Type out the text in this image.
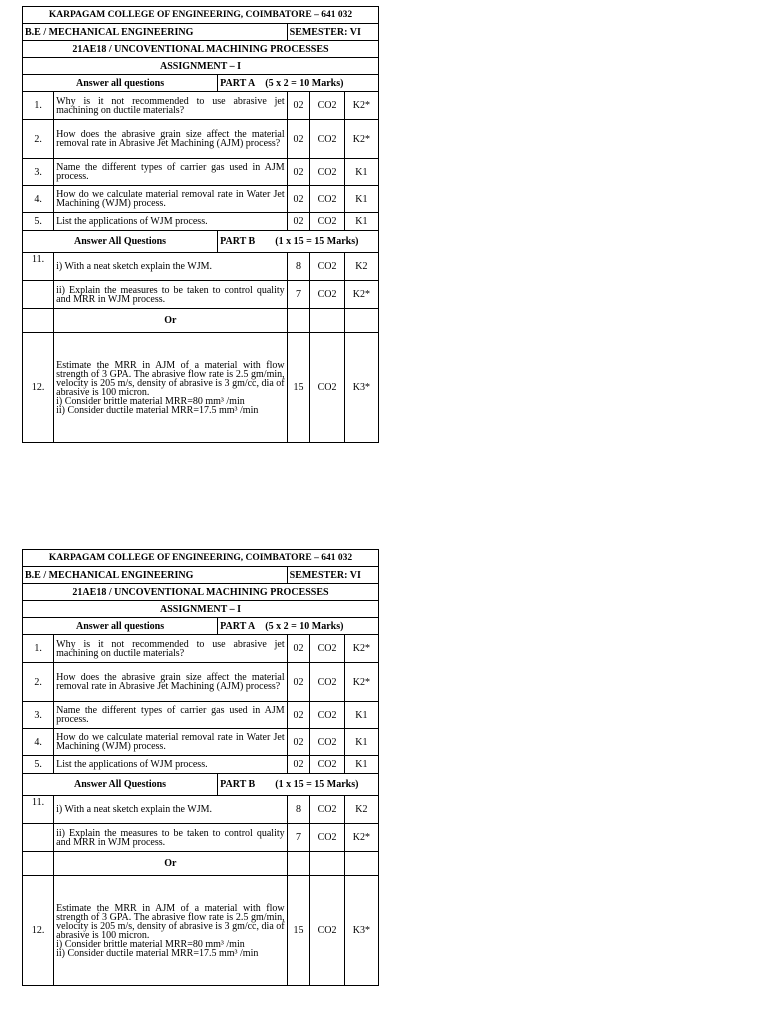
KARPAGAM COLLEGE OF ENGINEERING, COIMBATORE – 641 032					
B.E / MECHANICAL ENGINEERING			SEMESTER: VI		
21AE18 / UNCOVENTIONAL MACHINING PROCESSES					
ASSIGNMENT – I					
Answer all questions		PART A (5 x 2 = 10 Marks)			
1.	Why is it not recommended to use abrasive jet machining on ductile materials?		02	CO2	K2*
2.	How does the abrasive grain size affect the material removal rate in Abrasive Jet Machining (AJM) process?		02	CO2	K2*
3.	Name the different types of carrier gas used in AJM process.		02	CO2	K1
4.	How do we calculate material removal rate in Water Jet Machining (WJM) process.		02	CO2	K1
5.	List the applications of WJM process.		02	CO2	K1
Answer All Questions		PART B (1 x 15 = 15 Marks)			
11.	i) With a neat sketch explain the WJM.		8	CO2	K2
	ii) Explain the measures to be taken to control quality and MRR in WJM process.		7	CO2	K2*
	Or				
12.	Estimate the MRR in AJM of a material with flow strength of 3 GPA. The abrasive flow rate is 2.5 gm/min, velocity is 205 m/s, density of abrasive is 3 gm/cc, dia of abrasive is 100 micron.
i) Consider brittle material MRR=80 mm³ /min
ii) Consider ductile material MRR=17.5 mm³ /min		15	CO2	K3*
KARPAGAM COLLEGE OF ENGINEERING, COIMBATORE – 641 032					
B.E / MECHANICAL ENGINEERING			SEMESTER: VI		
21AE18 / UNCOVENTIONAL MACHINING PROCESSES					
ASSIGNMENT – I					
Answer all questions		PART A (5 x 2 = 10 Marks)			
1.	Why is it not recommended to use abrasive jet machining on ductile materials?		02	CO2	K2*
2.	How does the abrasive grain size affect the material removal rate in Abrasive Jet Machining (AJM) process?		02	CO2	K2*
3.	Name the different types of carrier gas used in AJM process.		02	CO2	K1
4.	How do we calculate material removal rate in Water Jet Machining (WJM) process.		02	CO2	K1
5.	List the applications of WJM process.		02	CO2	K1
Answer All Questions		PART B (1 x 15 = 15 Marks)			
11.	i) With a neat sketch explain the WJM.		8	CO2	K2
	ii) Explain the measures to be taken to control quality and MRR in WJM process.		7	CO2	K2*
	Or				
12.	Estimate the MRR in AJM of a material with flow strength of 3 GPA. The abrasive flow rate is 2.5 gm/min, velocity is 205 m/s, density of abrasive is 3 gm/cc, dia of abrasive is 100 micron.
i) Consider brittle material MRR=80 mm³ /min
ii) Consider ductile material MRR=17.5 mm³ /min		15	CO2	K3*
